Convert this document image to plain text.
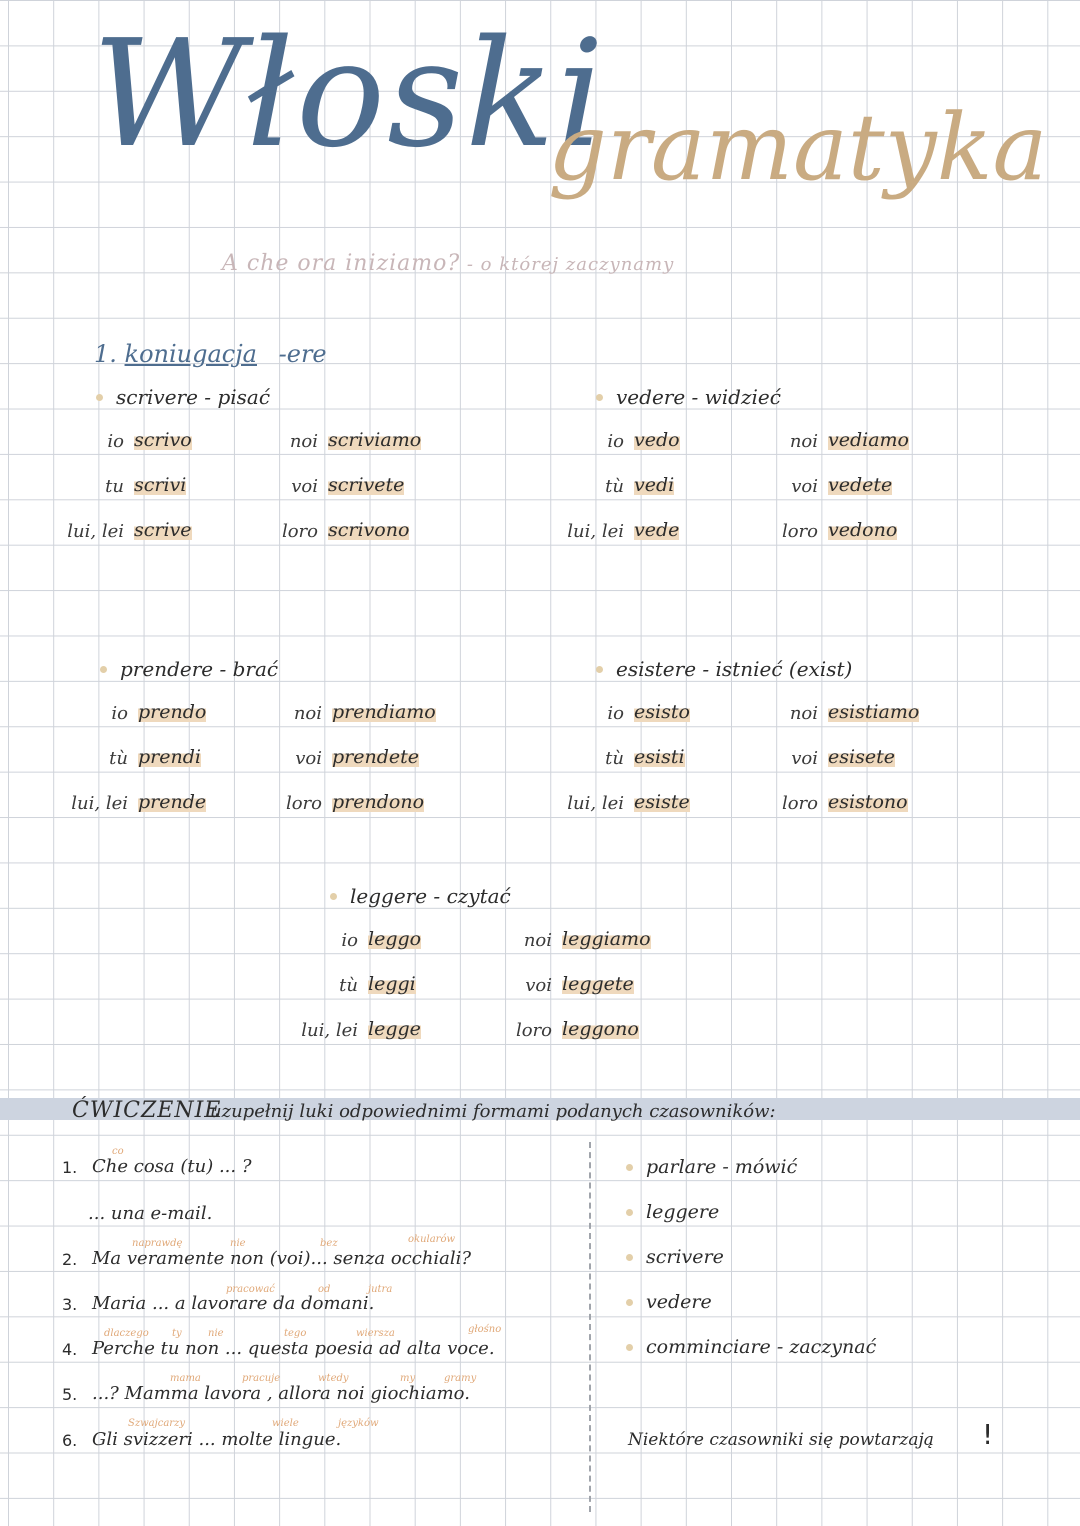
Włoski
gramatyka
A che ora iniziamo? - o której zaczynamy
1. koniugacja -ere
scrivere - pisać
io scrivo	noi scriviamo
tu scrivi	voi scrivete
lui, lei scrive	loro scrivono
vedere - widzieć
io vedo	noi vediamo
tù vedi	voi vedete
lui, lei vede	loro vedono
prendere - brać
io prendo	noi prendiamo
tù prendi	voi prendete
lui, lei prende	loro prendono
esistere - istnieć (exist)
io esisto	noi esistiamo
tù esisti	voi esisete
lui, lei esiste	loro esistono
leggere - czytać
io leggo	noi leggiamo
tù leggi	voi leggete
lui, lei legge	loro leggono
ĆWICZENIE
uzupełnij luki odpowiednimi formami podanych czasowników:
1. Che cosa (tu) ... ?
... una e-mail.
2. Ma veramente non (voi)... senza occhiali?
3. Maria ... a lavorare da domani.
4. Perche tu non ... questa poesia ad alta voce.
5. ...? Mamma lavora , allora noi giochiamo.
6. Gli svizzeri ... molte lingue.
co
naprawdę	nie	bez	okularów
pracować	od	jutra
dlaczego ty	nie	tego	wiersza	głośno
mama	pracuje	wtedy	my	gramy
Szwajcarzy	wiele	języków
parlare - mówić
leggere
scrivere
vedere
comminciare - zaczynać
Niektóre czasowniki się powtarzają !
